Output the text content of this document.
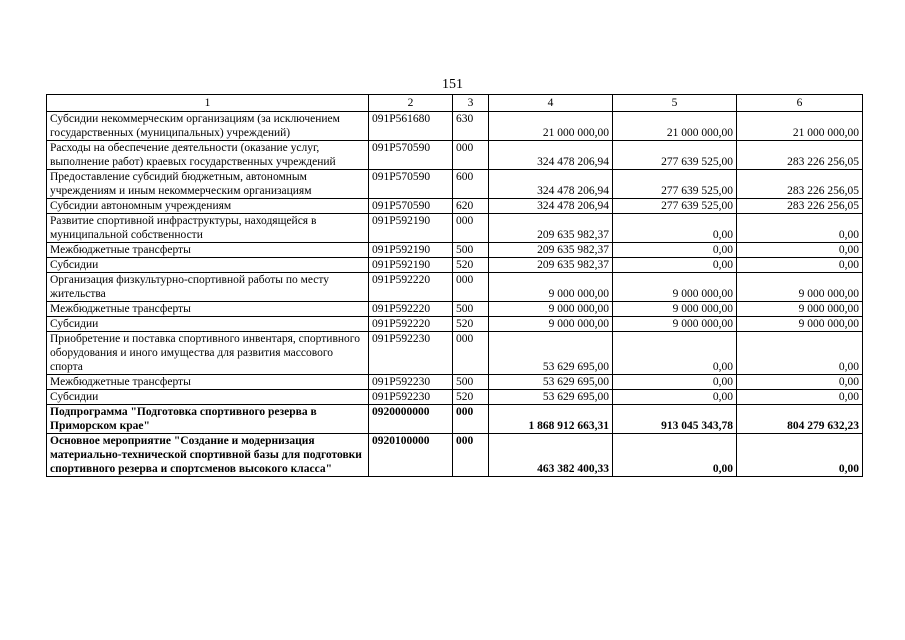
151
1	2	3	4	5	6
Субсидии некоммерческим организациям (за исключением государственных (муниципальных) учреждений)	091P561680	630	21 000 000,00	21 000 000,00	21 000 000,00
Расходы на обеспечение деятельности (оказание услуг, выполнение работ) краевых государственных учреждений	091P570590	000	324 478 206,94	277 639 525,00	283 226 256,05
Предоставление субсидий бюджетным, автономным учреждениям и иным некоммерческим организациям	091P570590	600	324 478 206,94	277 639 525,00	283 226 256,05
Субсидии автономным учреждениям	091P570590	620	324 478 206,94	277 639 525,00	283 226 256,05
Развитие спортивной инфраструктуры, находящейся в муниципальной собственности	091P592190	000	209 635 982,37	0,00	0,00
Межбюджетные трансферты	091P592190	500	209 635 982,37	0,00	0,00
Субсидии	091P592190	520	209 635 982,37	0,00	0,00
Организация физкультурно-спортивной работы по месту жительства	091P592220	000	9 000 000,00	9 000 000,00	9 000 000,00
Межбюджетные трансферты	091P592220	500	9 000 000,00	9 000 000,00	9 000 000,00
Субсидии	091P592220	520	9 000 000,00	9 000 000,00	9 000 000,00
Приобретение и поставка спортивного инвентаря, спортивного оборудования и иного имущества для развития массового спорта	091P592230	000	53 629 695,00	0,00	0,00
Межбюджетные трансферты	091P592230	500	53 629 695,00	0,00	0,00
Субсидии	091P592230	520	53 629 695,00	0,00	0,00
Подпрограмма "Подготовка спортивного резерва в Приморском крае"	0920000000	000	1 868 912 663,31	913 045 343,78	804 279 632,23
Основное мероприятие "Создание и модернизация материально-технической спортивной базы для подготовки спортивного резерва и спортсменов высокого класса"	0920100000	000	463 382 400,33	0,00	0,00
